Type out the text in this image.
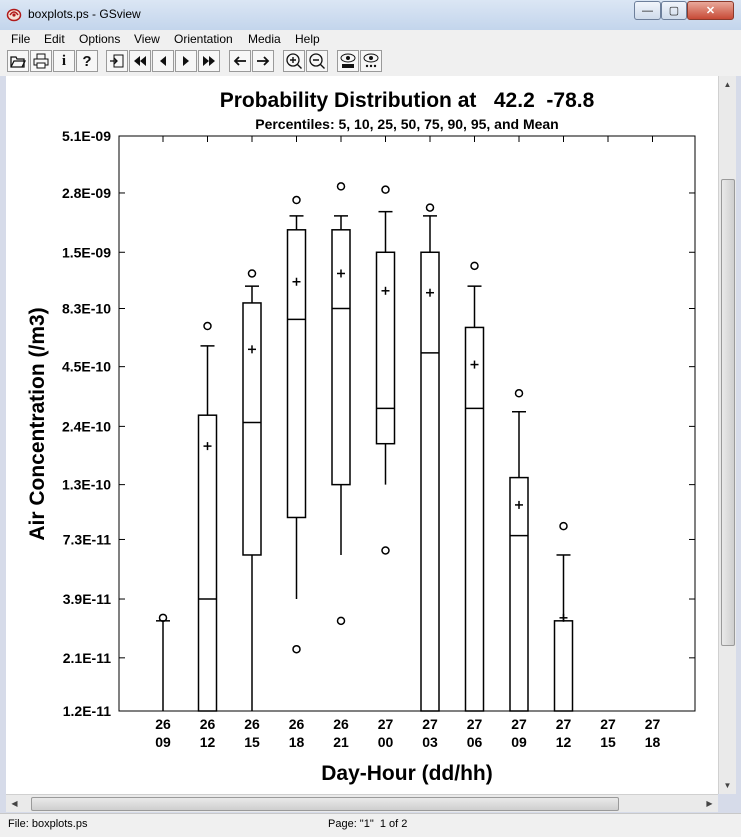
boxplots.ps - GSview	— ▢ ✕
File Edit Options View Orientation Media Help
i ?
Probability Distribution at   42.2  -78.8
Percentiles: 5, 10, 25, 50, 75, 90, 95, and Mean
5.1E-09
2.8E-09
1.5E-09
8.3E-10
4.5E-10
2.4E-10
1.3E-10
7.3E-11
3.9E-11
2.1E-11
1.2E-11
26
09
26
12
26
15
26
18
26
21
27
00
27
03
27
06
27
09
27
12
27
15
27
18
Day-Hour (dd/hh)
Air Concentration (/m3)
▲
▼
◀	▶
File: boxplots.ps	Page: "1"  1 of 2
